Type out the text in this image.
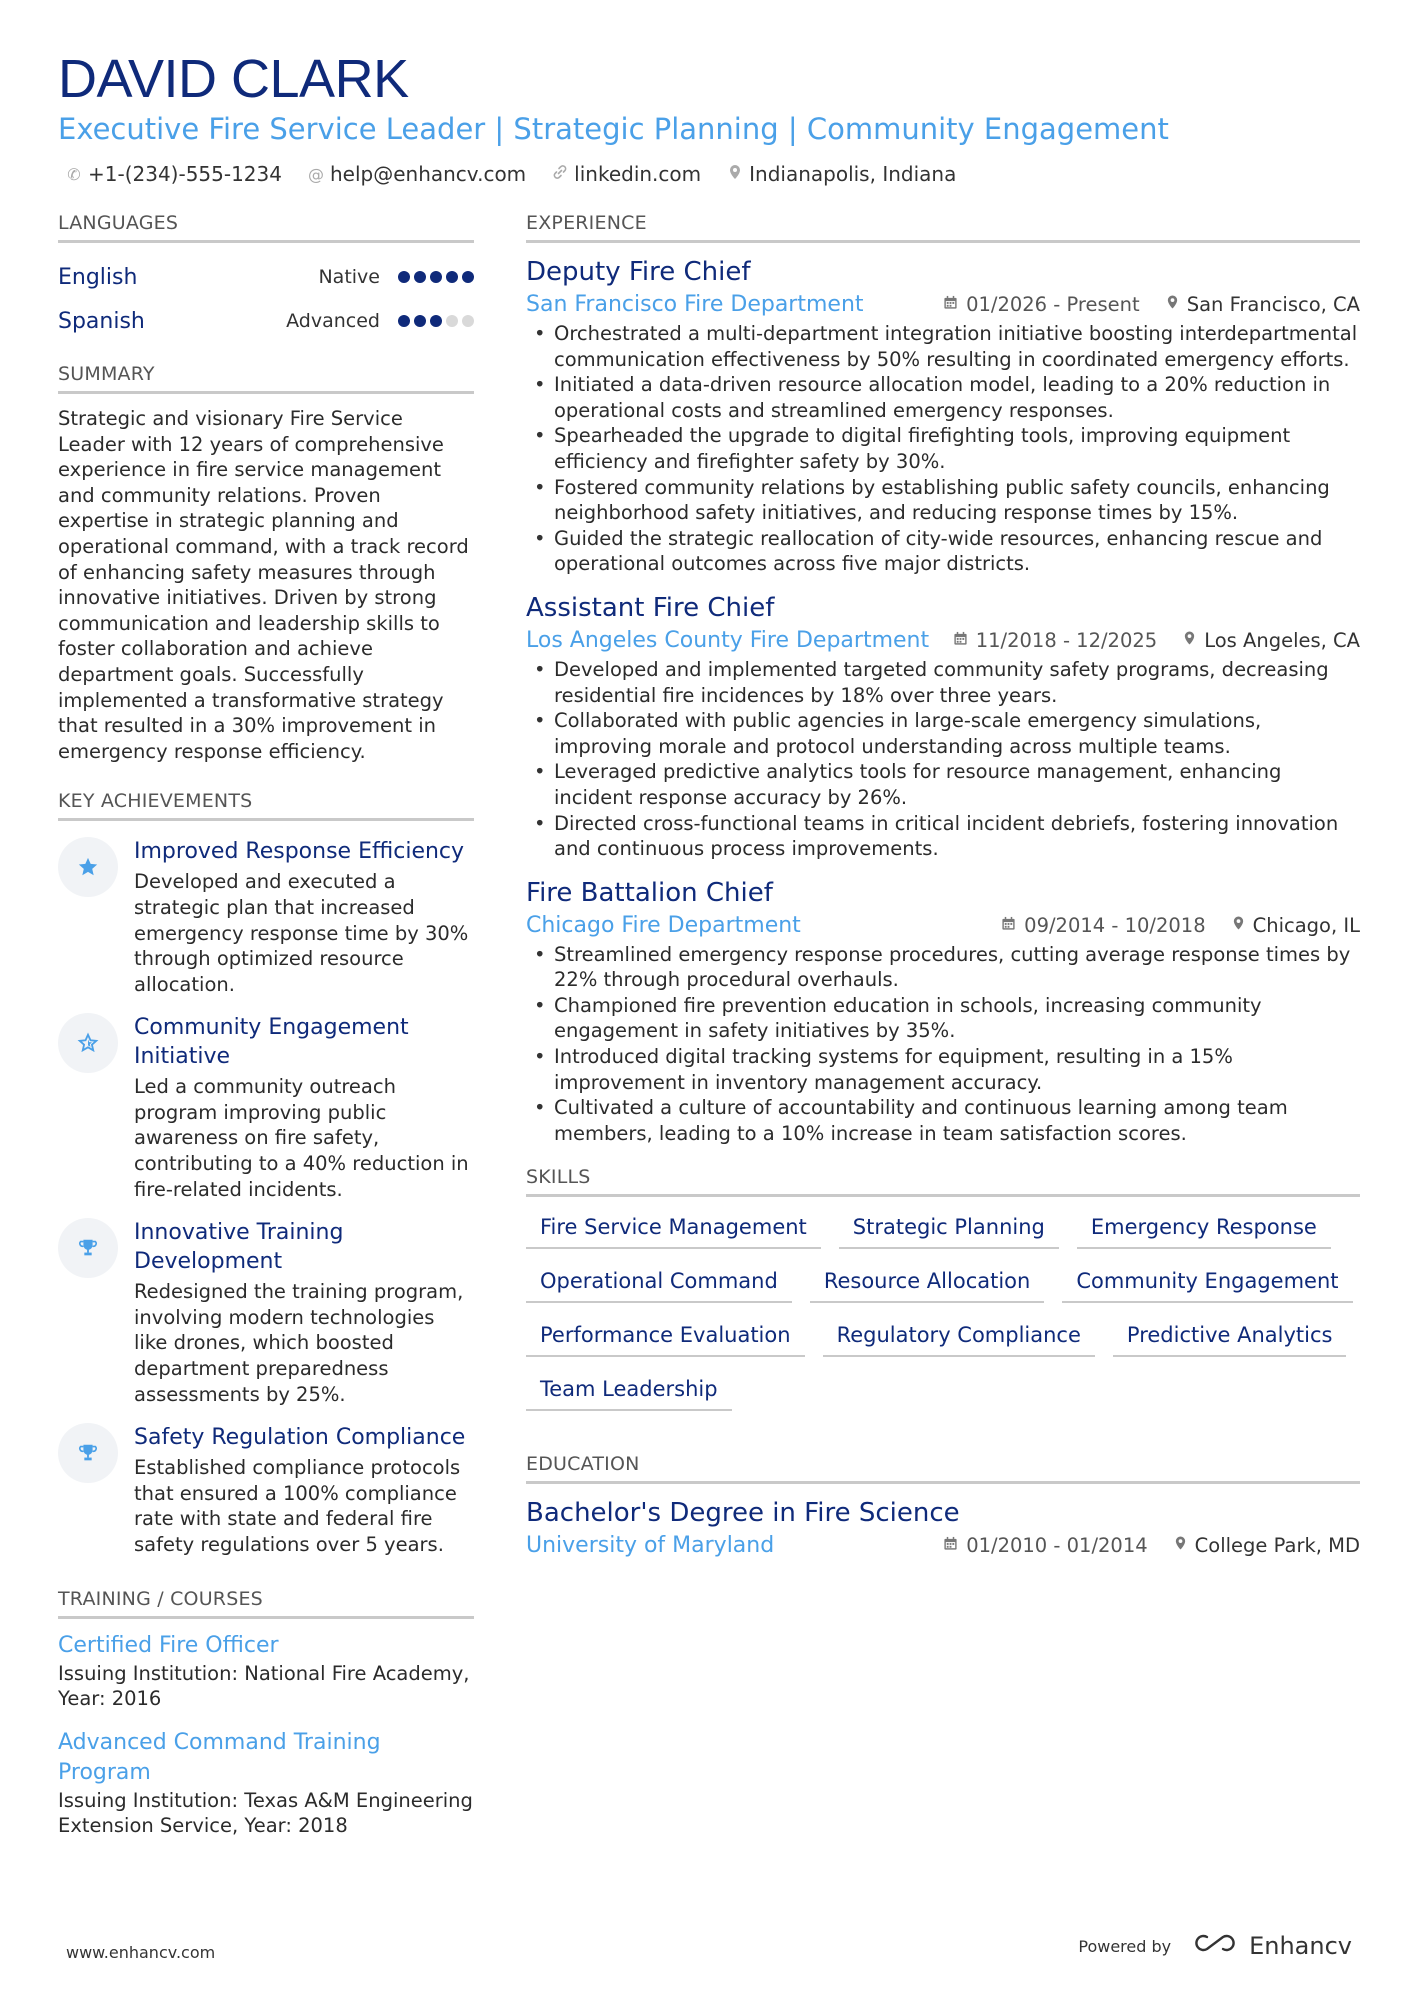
DAVID CLARK
Executive Fire Service Leader | Strategic Planning | Community Engagement
✆ +1-(234)-555-1234 @ help@enhancv.com linkedin.com Indianapolis, Indiana
LANGUAGES
English	Native
Spanish	Advanced
SUMMARY
Strategic and visionary Fire Service Leader with 12 years of comprehensive experience in fire service management and community relations. Proven expertise in strategic planning and operational command, with a track record of enhancing safety measures through innovative initiatives. Driven by strong communication and leadership skills to foster collaboration and achieve department goals. Successfully implemented a transformative strategy that resulted in a 30% improvement in emergency response efficiency.
KEY ACHIEVEMENTS
Improved Response Efficiency
Developed and executed a strategic plan that increased emergency response time by 30% through optimized resource allocation.
Community Engagement Initiative
Led a community outreach program improving public awareness on fire safety, contributing to a 40% reduction in fire-related incidents.
Innovative Training Development
Redesigned the training program, involving modern technologies like drones, which boosted department preparedness assessments by 25%.
Safety Regulation Compliance
Established compliance protocols that ensured a 100% compliance rate with state and federal fire safety regulations over 5 years.
TRAINING / COURSES
Certified Fire Officer
Issuing Institution: National Fire Academy, Year: 2016
Advanced Command Training Program
Issuing Institution: Texas A&M Engineering Extension Service, Year: 2018
EXPERIENCE
Deputy Fire Chief
San Francisco Fire Department	01/2026 - Present San Francisco, CA
• Orchestrated a multi-department integration initiative boosting interdepartmental communication effectiveness by 50% resulting in coordinated emergency efforts.
• Initiated a data-driven resource allocation model, leading to a 20% reduction in operational costs and streamlined emergency responses.
• Spearheaded the upgrade to digital firefighting tools, improving equipment efficiency and firefighter safety by 30%.
• Fostered community relations by establishing public safety councils, enhancing neighborhood safety initiatives, and reducing response times by 15%.
• Guided the strategic reallocation of city-wide resources, enhancing rescue and operational outcomes across five major districts.
Assistant Fire Chief
Los Angeles County Fire Department	11/2018 - 12/2025 Los Angeles, CA
• Developed and implemented targeted community safety programs, decreasing residential fire incidences by 18% over three years.
• Collaborated with public agencies in large-scale emergency simulations, improving morale and protocol understanding across multiple teams.
• Leveraged predictive analytics tools for resource management, enhancing incident response accuracy by 26%.
• Directed cross-functional teams in critical incident debriefs, fostering innovation and continuous process improvements.
Fire Battalion Chief
Chicago Fire Department	09/2014 - 10/2018 Chicago, IL
• Streamlined emergency response procedures, cutting average response times by 22% through procedural overhauls.
• Championed fire prevention education in schools, increasing community engagement in safety initiatives by 35%.
• Introduced digital tracking systems for equipment, resulting in a 15% improvement in inventory management accuracy.
• Cultivated a culture of accountability and continuous learning among team members, leading to a 10% increase in team satisfaction scores.
SKILLS
Fire Service Management	Strategic Planning	Emergency Response
Operational Command	Resource Allocation	Community Engagement
Performance Evaluation	Regulatory Compliance	Predictive Analytics
Team Leadership
EDUCATION
Bachelor's Degree in Fire Science
University of Maryland	01/2010 - 01/2014 College Park, MD
www.enhancv.com	Powered by	Enhancv
